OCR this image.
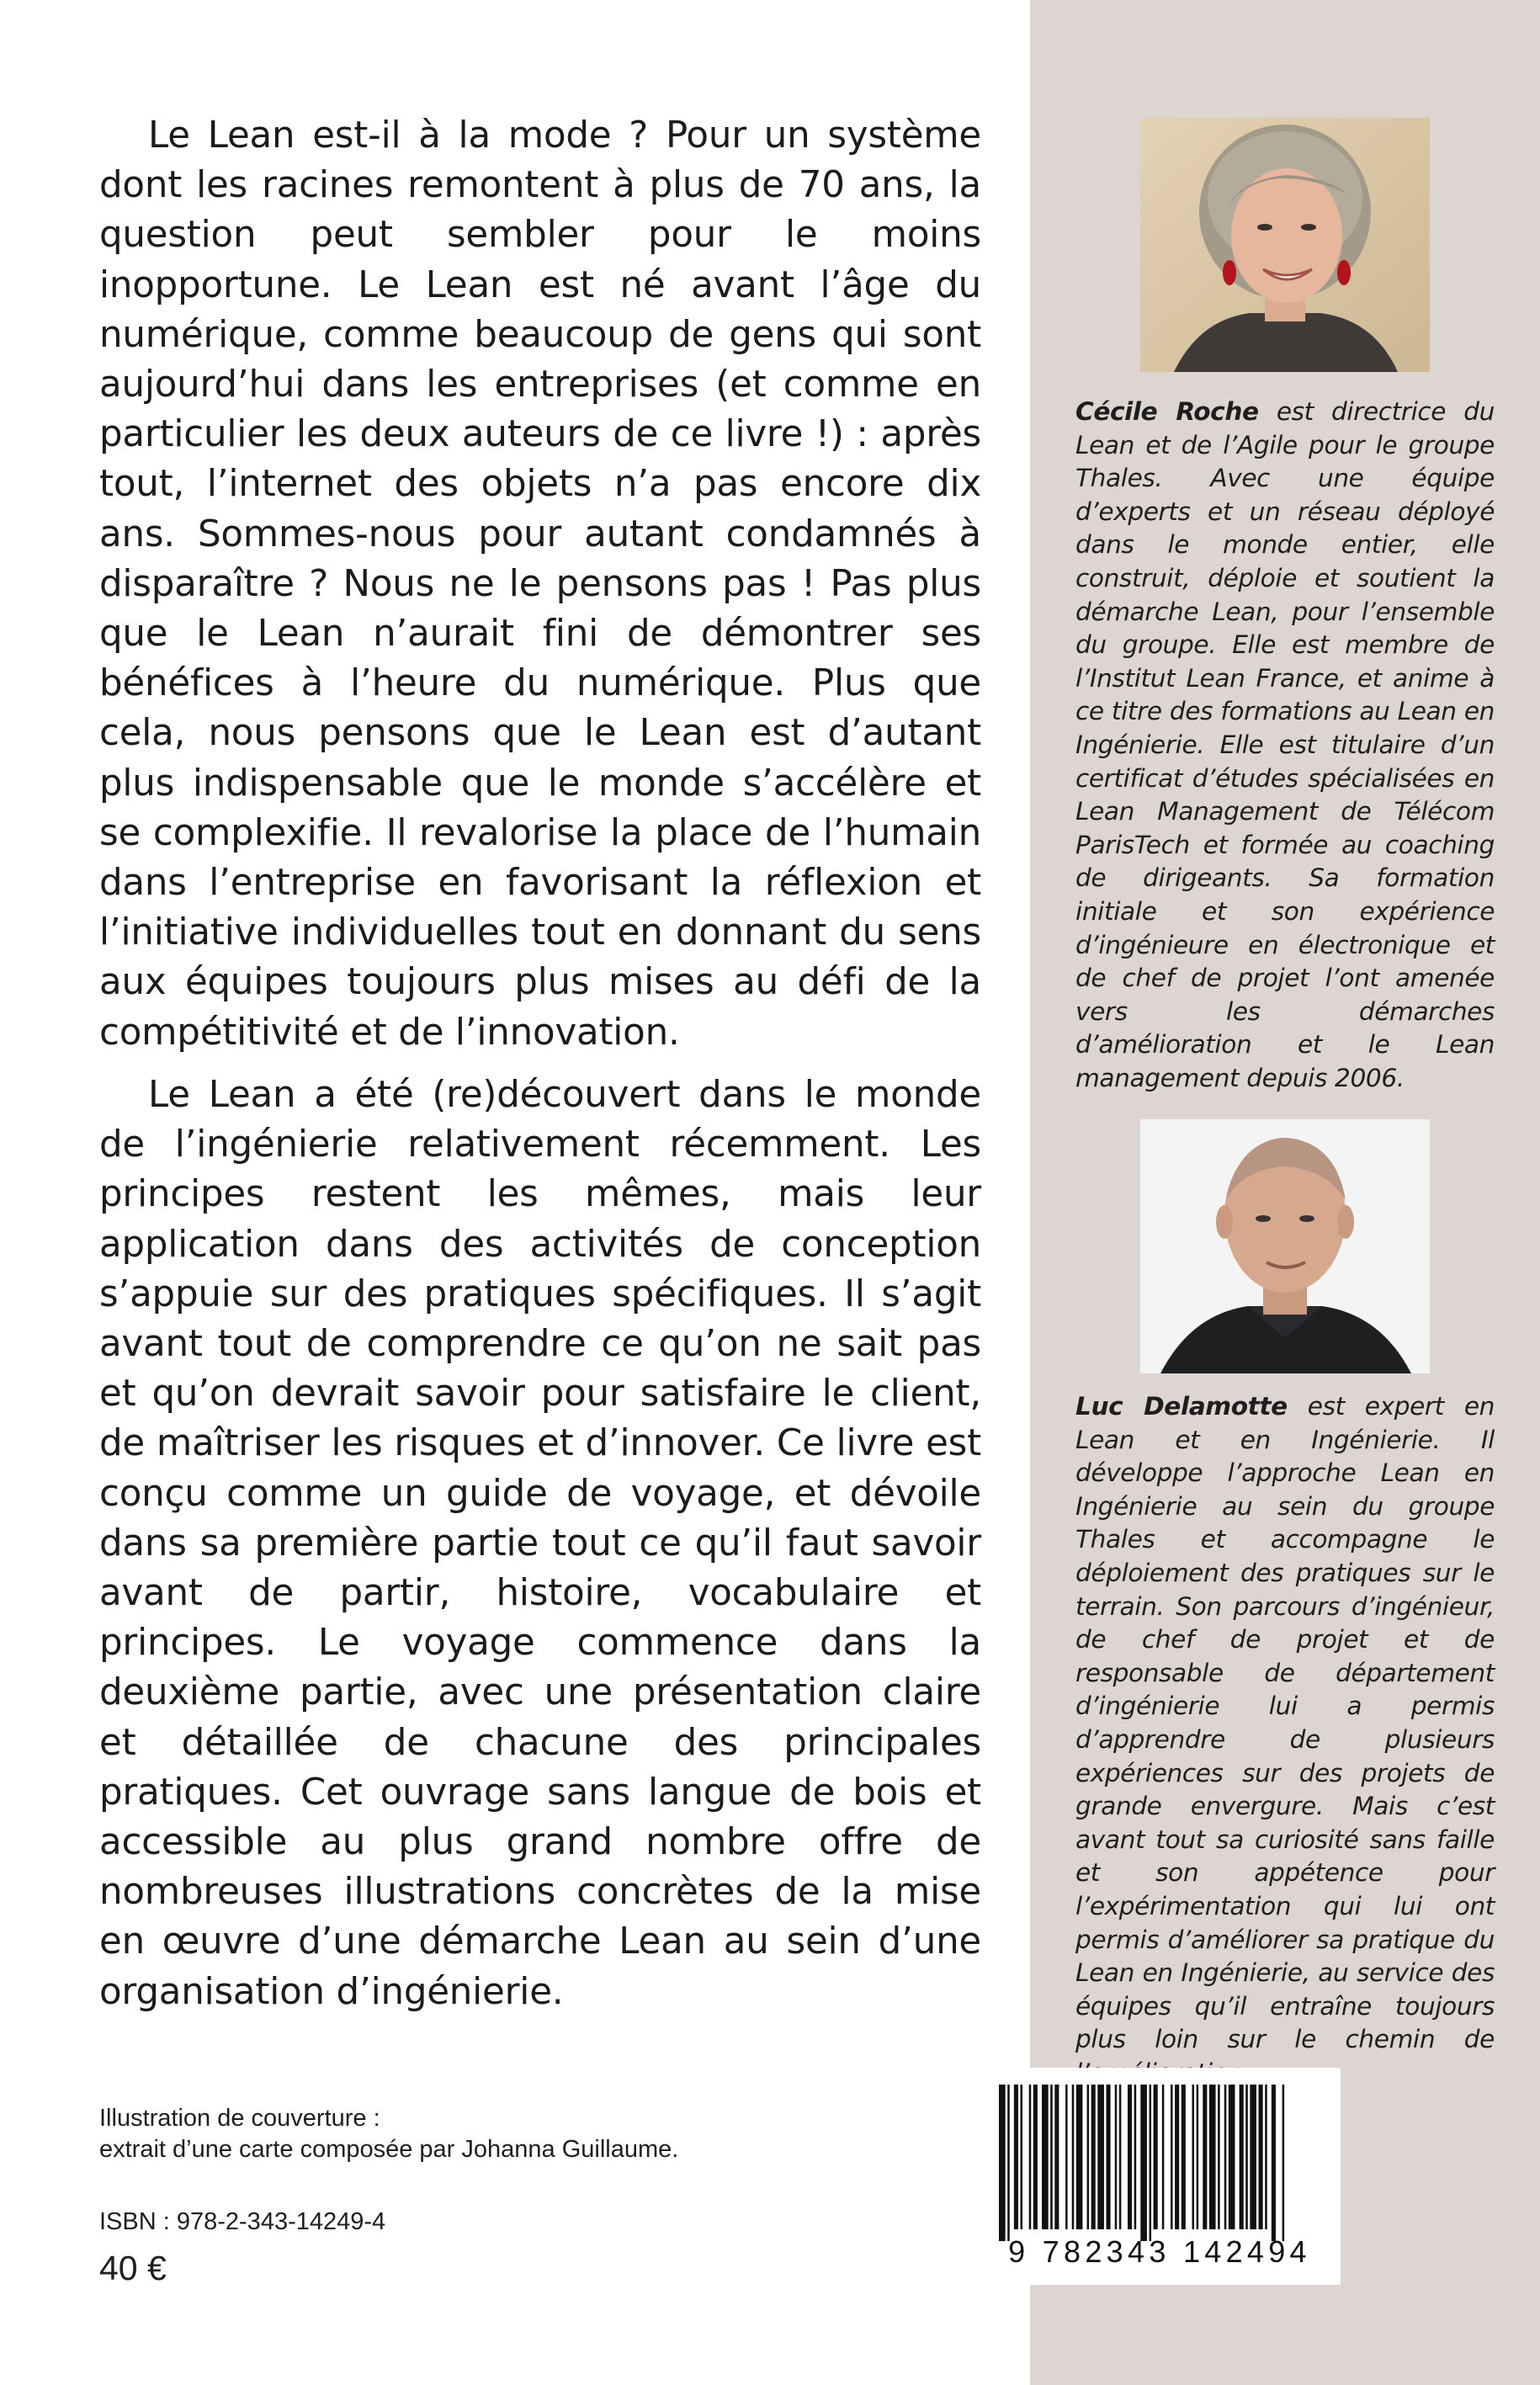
Le Lean est-il à la mode ? Pour un système dont les racines remontent à plus de 70 ans, la question peut sembler pour le moins inopportune. Le Lean est né avant l’âge du numérique, comme beaucoup de gens qui sont aujourd’hui dans les entreprises (et comme en particulier les deux auteurs de ce livre !) : après tout, l’internet des objets n’a pas encore dix ans. Sommes-nous pour autant condamnés à disparaître ? Nous ne le pensons pas ! Pas plus que le Lean n’aurait fini de démontrer ses bénéfices à l’heure du numérique. Plus que cela, nous pensons que le Lean est d’autant plus indispensable que le monde s’accélère et se complexifie. Il revalorise la place de l’humain dans l’entreprise en favorisant la réflexion et l’initiative individuelles tout en donnant du sens aux équipes toujours plus mises au défi de la compétitivité et de l’innovation.

Le Lean a été (re)découvert dans le monde de l’ingénierie relativement récemment. Les principes restent les mêmes, mais leur application dans des activités de conception s’appuie sur des pratiques spécifiques. Il s’agit avant tout de comprendre ce qu’on ne sait pas et qu’on devrait savoir pour satisfaire le client, de maîtriser les risques et d’innover. Ce livre est conçu comme un guide de voyage, et dévoile dans sa première partie tout ce qu’il faut savoir avant de partir, histoire, vocabulaire et principes. Le voyage commence dans la deuxième partie, avec une présentation claire et détaillée de chacune des principales pratiques. Cet ouvrage sans langue de bois et accessible au plus grand nombre offre de nombreuses illustrations concrètes de la mise en œuvre d’une démarche Lean au sein d’une organisation d’ingénierie.

Cécile Roche est directrice du Lean et de l’Agile pour le groupe Thales. Avec une équipe d’experts et un réseau déployé dans le monde entier, elle construit, déploie et soutient la démarche Lean, pour l’ensemble du groupe. Elle est membre de l’Institut Lean France, et anime à ce titre des formations au Lean en Ingénierie. Elle est titulaire d’un certificat d’études spécialisées en Lean Management de Télécom ParisTech et formée au coaching de dirigeants. Sa formation initiale et son expérience d’ingénieure en électronique et de chef de projet l’ont amenée vers les démarches d’amélioration et le Lean management depuis 2006.

Luc Delamotte est expert en Lean et en Ingénierie. Il développe l’approche Lean en Ingénierie au sein du groupe Thales et accompagne le déploiement des pratiques sur le terrain. Son parcours d’ingénieur, de chef de projet et de responsable de département d’ingénierie lui a permis d’apprendre de plusieurs expériences sur des projets de grande envergure. Mais c’est avant tout sa curiosité sans faille et son appétence pour l’expérimentation qui lui ont permis d’améliorer sa pratique du Lean en Ingénierie, au service des équipes qu’il entraîne toujours plus loin sur le chemin de

Illustration de couverture :
extrait d’une carte composée par Johanna Guillaume.
ISBN : 978-2-343-14249-4
40 €	9 782343 142494
